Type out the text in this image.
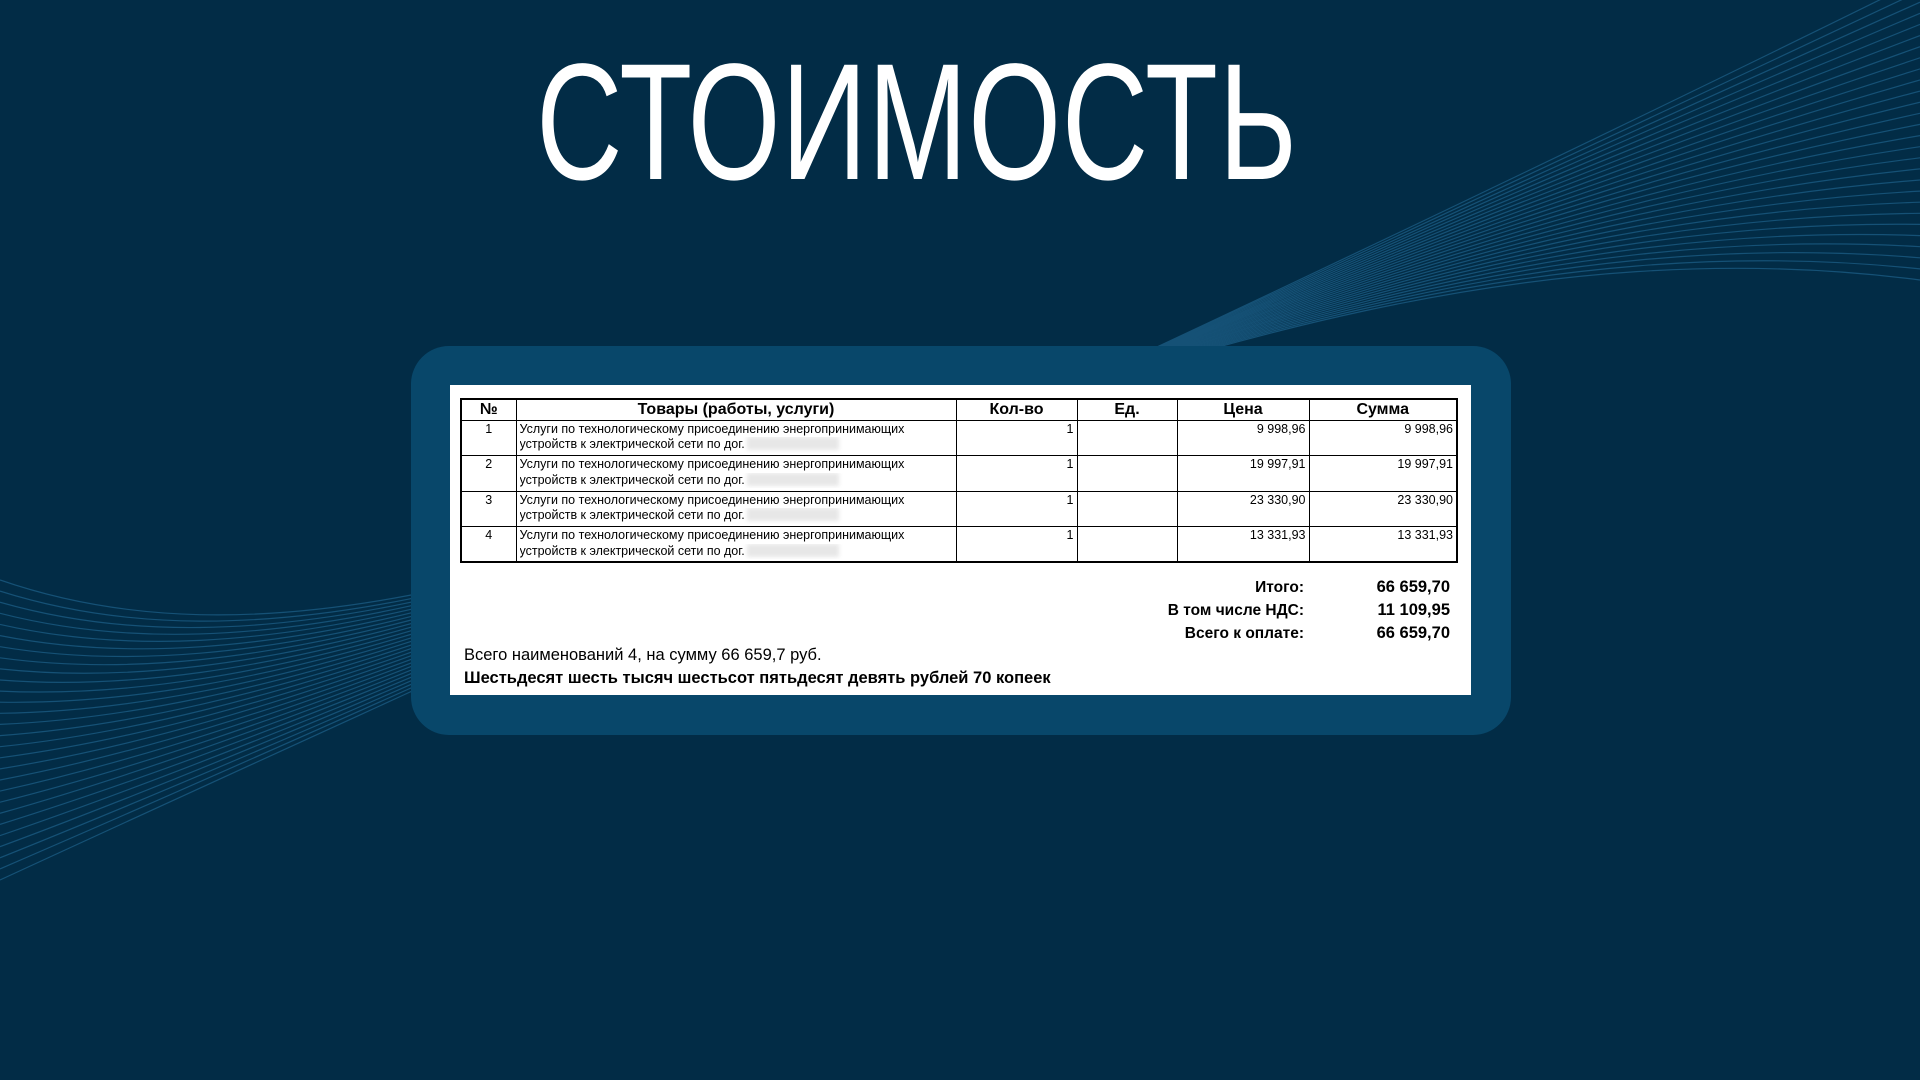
СТОИМОСТЬ
№	Товары (работы, услуги)	Кол-во	Ед.	Цена	Сумма
1	Услуги по технологическому присоединению энергопринимающих
устройств к электрической сети по дог.	1		9 998,96	9 998,96
2	Услуги по технологическому присоединению энергопринимающих
устройств к электрической сети по дог.	1		19 997,91	19 997,91
3	Услуги по технологическому присоединению энергопринимающих
устройств к электрической сети по дог.	1		23 330,90	23 330,90
4	Услуги по технологическому присоединению энергопринимающих
устройств к электрической сети по дог.	1		13 331,93	13 331,93
Итого:	66 659,70
В том числе НДС:	11 109,95
Всего к оплате:	66 659,70
Всего наименований 4, на сумму 66 659,7 руб.
Шестьдесят шесть тысяч шестьсот пятьдесят девять рублей 70 копеек
